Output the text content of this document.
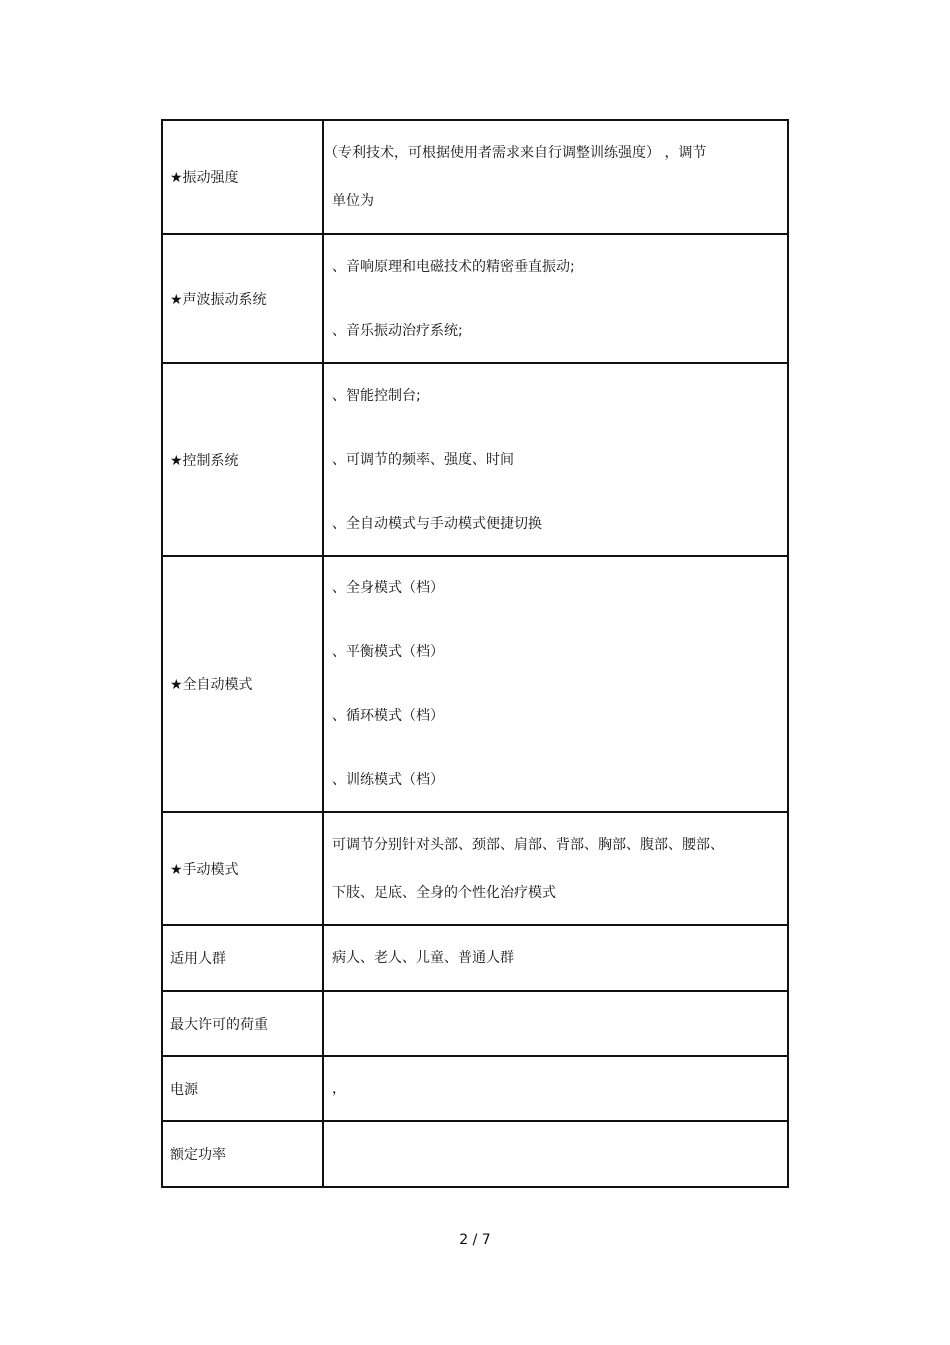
★振动强度	（专利技术，可根据使用者需求来自行调整训练强度） ，调节
单位为

★声波振动系统	、音响原理和电磁技术的精密垂直振动;
、音乐振动治疗系统;

★控制系统	、智能控制台;
、可调节的频率、强度、时间
、全自动模式与手动模式便捷切换

★全自动模式	、全身模式（档）
、平衡模式（档）
、循环模式（档）
、训练模式（档）

★手动模式	可调节分别针对头部、颈部、肩部、背部、胸部、腹部、腰部、
下肢、足底、全身的个性化治疗模式

适用人群	病人、老人、儿童、普通人群

最大许可的荷重	

电源	，

额定功率	
2 / 7
